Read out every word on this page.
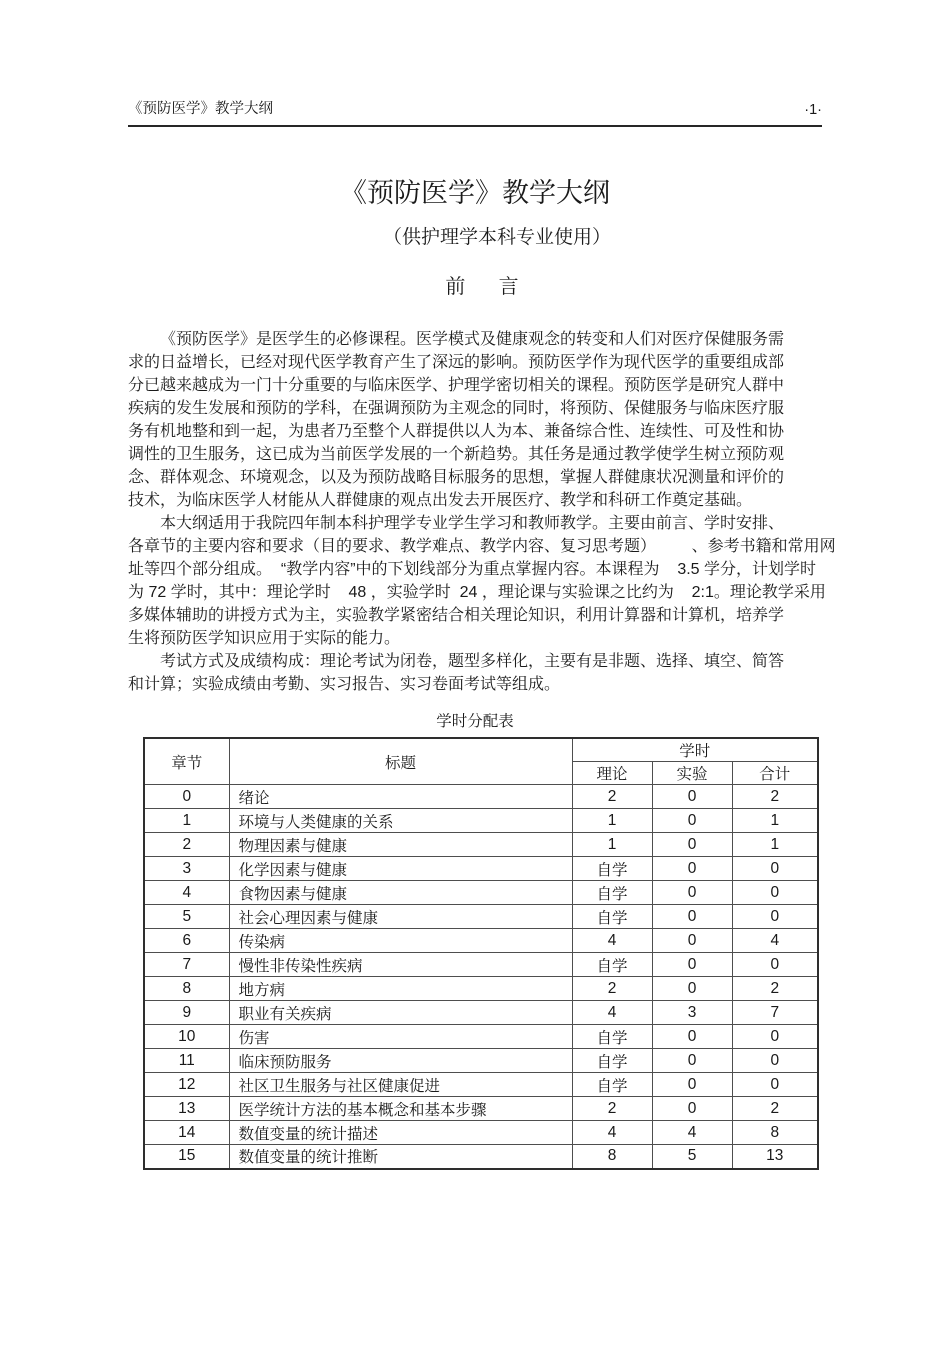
《预防医学》教学大纲	·1·
《预防医学》教学大纲
（供护理学本科专业使用）
前      言
《预防医学》是医学生的必修课程。医学模式及健康观念的转变和人们对医疗保健服务需
求的日益增长，已经对现代医学教育产生了深远的影响。预防医学作为现代医学的重要组成部
分已越来越成为一门十分重要的与临床医学、护理学密切相关的课程。预防医学是研究人群中
疾病的发生发展和预防的学科，在强调预防为主观念的同时，将预防、保健服务与临床医疗服
务有机地整和到一起，为患者乃至整个人群提供以人为本、兼备综合性、连续性、可及性和协
调性的卫生服务，这已成为当前医学发展的一个新趋势。其任务是通过教学使学生树立预防观
念、群体观念、环境观念，以及为预防战略目标服务的思想，掌握人群健康状况测量和评价的
技术，为临床医学人材能从人群健康的观点出发去开展医疗、教学和科研工作奠定基础。
本大纲适用于我院四年制本科护理学专业学生学习和教师教学。主要由前言、学时安排、
各章节的主要内容和要求（目的要求、教学难点、教学内容、复习思考题）        、参考书籍和常用网
址等四个部分组成。  “教学内容”中的下划线部分为重点掌握内容。本课程为    3.5 学分，计划学时
为 72 学时，其中：理论学时    48 ，实验学时  24 ，理论课与实验课之比约为    2:1。理论教学采用
多媒体辅助的讲授方式为主，实验教学紧密结合相关理论知识，利用计算器和计算机，培养学
生将预防医学知识应用于实际的能力。
考试方式及成绩构成：理论考试为闭卷，题型多样化，主要有是非题、选择、填空、简答
和计算；实验成绩由考勤、实习报告、实习卷面考试等组成。
学时分配表
章节	标题	学时		
		理论	实验	合计
0	绪论	2	0	2
1	环境与人类健康的关系	1	0	1
2	物理因素与健康	1	0	1
3	化学因素与健康	自学	0	0
4	食物因素与健康	自学	0	0
5	社会心理因素与健康	自学	0	0
6	传染病	4	0	4
7	慢性非传染性疾病	自学	0	0
8	地方病	2	0	2
9	职业有关疾病	4	3	7
10	伤害	自学	0	0
11	临床预防服务	自学	0	0
12	社区卫生服务与社区健康促进	自学	0	0
13	医学统计方法的基本概念和基本步骤	2	0	2
14	数值变量的统计描述	4	4	8
15	数值变量的统计推断	8	5	13
